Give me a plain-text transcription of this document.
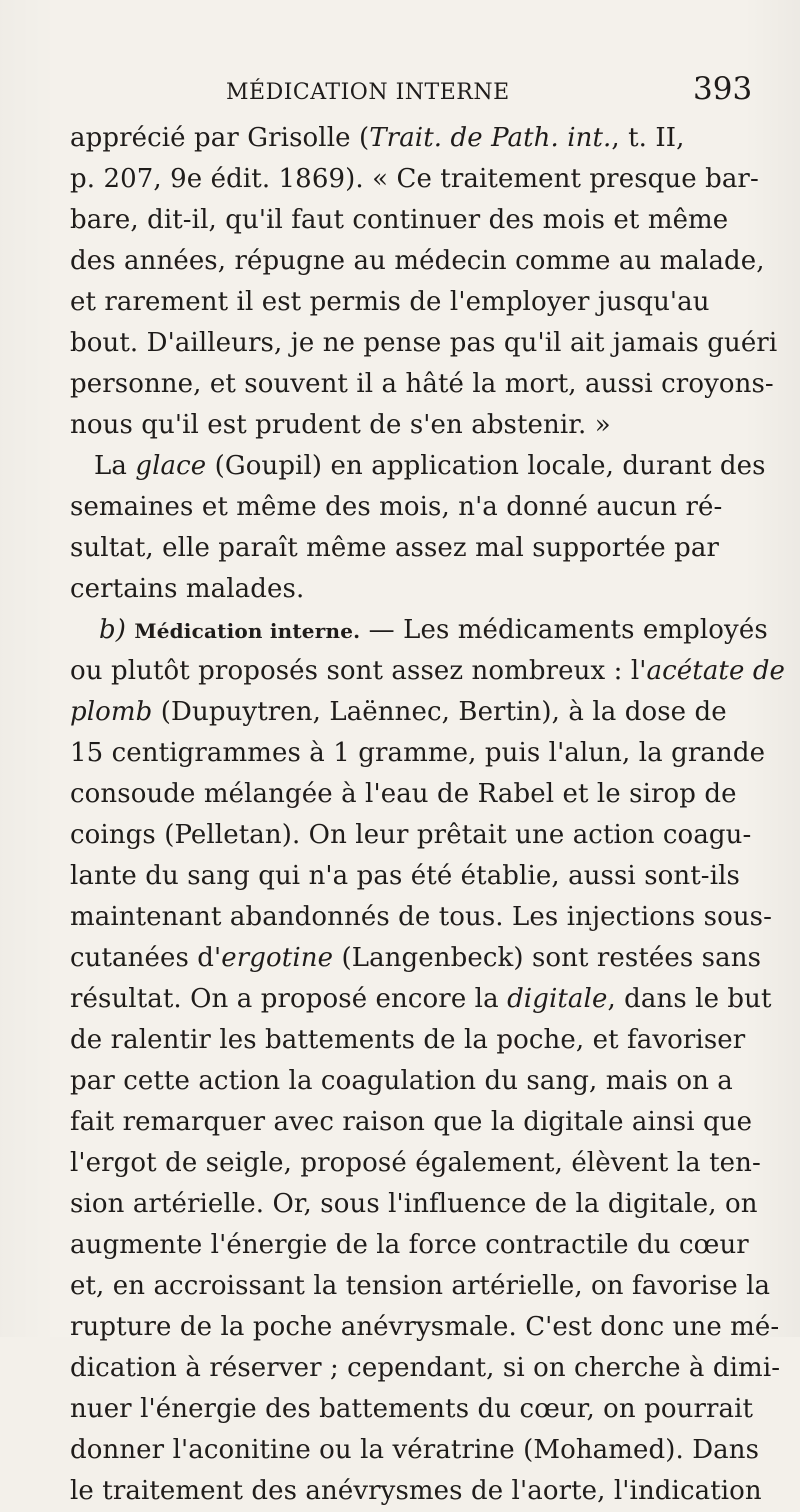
MÉDICATION INTERNE	393
apprécié par Grisolle (Trait. de Path. int., t. II,
p. 207, 9e édit. 1869). « Ce traitement presque bar-
bare, dit-il, qu'il faut continuer des mois et même
des années, répugne au médecin comme au malade,
et rarement il est permis de l'employer jusqu'au
bout. D'ailleurs, je ne pense pas qu'il ait jamais guéri
personne, et souvent il a hâté la mort, aussi croyons-
nous qu'il est prudent de s'en abstenir. »
La glace (Goupil) en application locale, durant des
semaines et même des mois, n'a donné aucun ré-
sultat, elle paraît même assez mal supportée par
certains malades.
b) Médication interne. — Les médicaments employés
ou plutôt proposés sont assez nombreux : l'acétate de
plomb (Dupuytren, Laënnec, Bertin), à la dose de
15 centigrammes à 1 gramme, puis l'alun, la grande
consoude mélangée à l'eau de Rabel et le sirop de
coings (Pelletan). On leur prêtait une action coagu-
lante du sang qui n'a pas été établie, aussi sont-ils
maintenant abandonnés de tous. Les injections sous-
cutanées d'ergotine (Langenbeck) sont restées sans
résultat. On a proposé encore la digitale, dans le but
de ralentir les battements de la poche, et favoriser
par cette action la coagulation du sang, mais on a
fait remarquer avec raison que la digitale ainsi que
l'ergot de seigle, proposé également, élèvent la ten-
sion artérielle. Or, sous l'influence de la digitale, on
augmente l'énergie de la force contractile du cœur
et, en accroissant la tension artérielle, on favorise la
rupture de la poche anévrysmale. C'est donc une mé-
dication à réserver ; cependant, si on cherche à dimi-
nuer l'énergie des battements du cœur, on pourrait
donner l'aconitine ou la vératrine (Mohamed). Dans
le traitement des anévrysmes de l'aorte, l'indication
